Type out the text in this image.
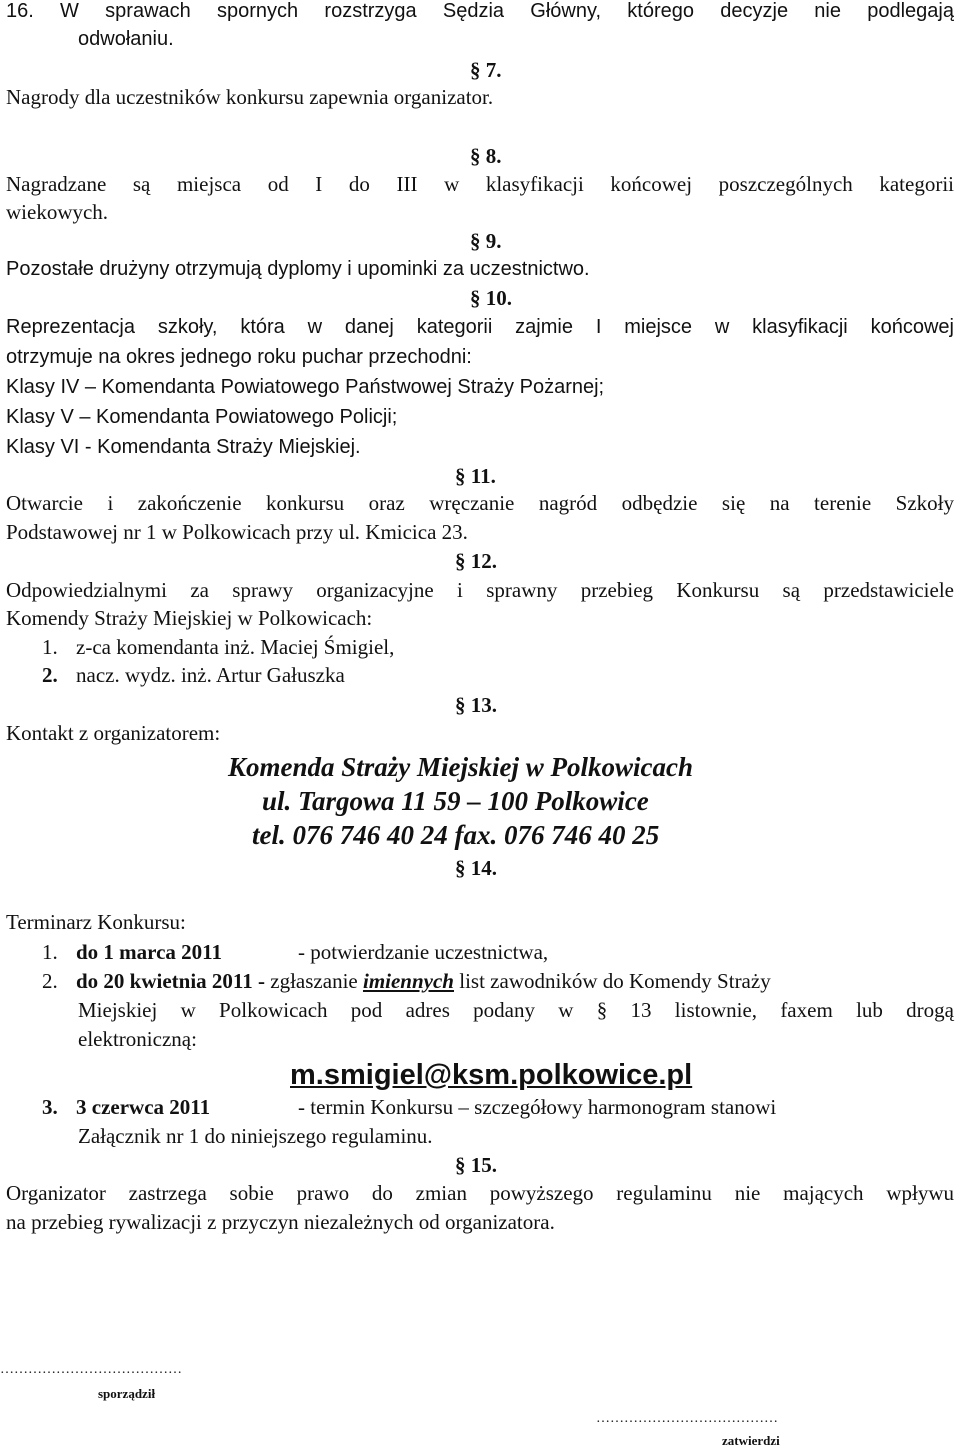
16. W sprawach spornych rozstrzyga Sędzia Główny, którego decyzje nie podlegają
odwołaniu.
§ 7.
Nagrody dla uczestników konkursu zapewnia organizator.
§ 8.
Nagradzane są miejsca od I do III w klasyfikacji końcowej poszczególnych kategorii
wiekowych.
§ 9.
Pozostałe drużyny otrzymują dyplomy i upominki za uczestnictwo.
§ 10.
Reprezentacja szkoły, która w danej kategorii zajmie I miejsce w klasyfikacji końcowej
otrzymuje na okres jednego roku puchar przechodni:
Klasy IV – Komendanta Powiatowego Państwowej Straży Pożarnej;
Klasy V – Komendanta Powiatowego Policji;
Klasy VI - Komendanta Straży Miejskiej.
§ 11.
Otwarcie i zakończenie konkursu oraz wręczanie nagród odbędzie się na terenie Szkoły
Podstawowej nr 1 w Polkowicach przy ul. Kmicica 23.
§ 12.
Odpowiedzialnymi za sprawy organizacyjne i sprawny przebieg Konkursu są przedstawiciele
Komendy Straży Miejskiej w Polkowicach:
1. z-ca komendanta inż. Maciej Śmigiel,
2. nacz. wydz. inż. Artur Gałuszka
§ 13.
Kontakt z organizatorem:
Komenda Straży Miejskiej w Polkowicach
ul. Targowa 11 59 – 100 Polkowice
tel. 076 746 40 24 fax. 076 746 40 25
§ 14.
Terminarz Konkursu:
1. do 1 marca 2011	- potwierdzanie uczestnictwa,
2. do 20 kwietnia 2011 - zgłaszanie imiennych list zawodników do Komendy Straży
Miejskiej w Polkowicach pod adres podany w § 13 listownie, faxem lub drogą
elektroniczną:
m.smigiel@ksm.polkowice.pl
3. 3 czerwca 2011	- termin Konkursu – szczegółowy harmonogram stanowi
Załącznik nr 1 do niniejszego regulaminu.
§ 15.
Organizator zastrzega sobie prawo do zmian powyższego regulaminu nie mających wpływu
na przebieg rywalizacji z przyczyn niezależnych od organizatora.
…………………………………
sporządził
…………………………………
zatwierdzi
